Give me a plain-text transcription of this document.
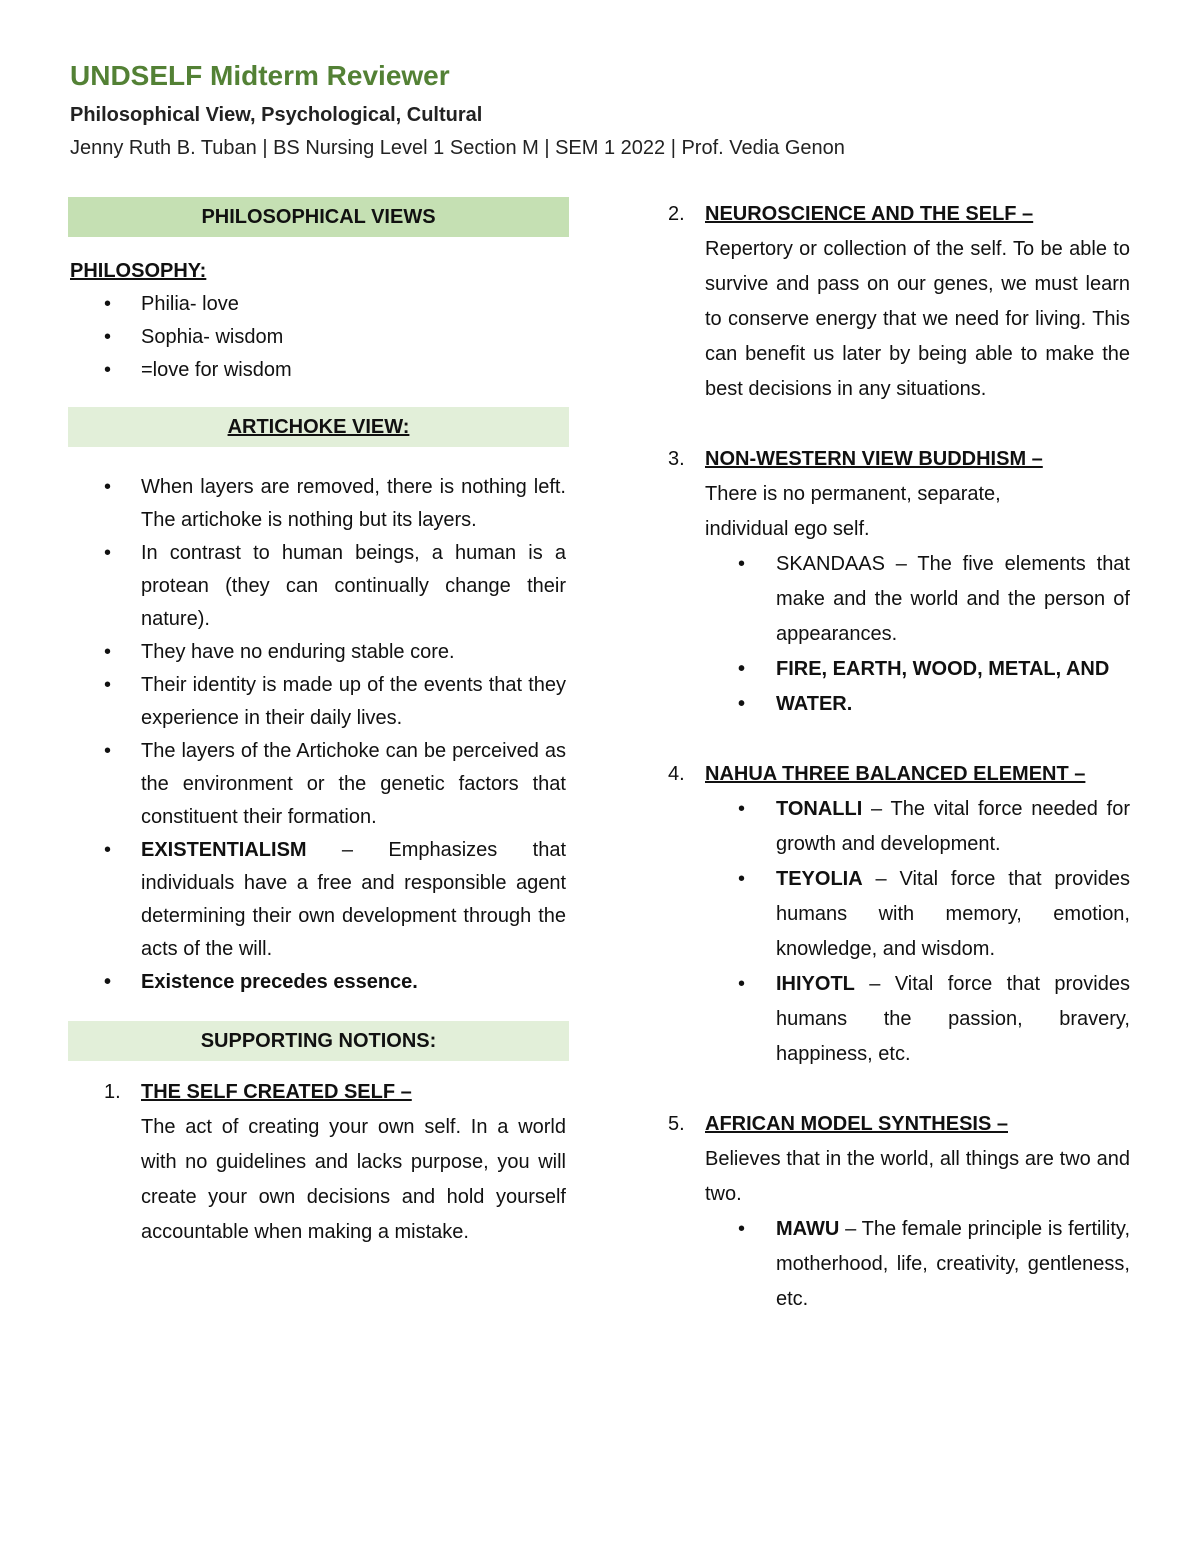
UNDSELF Midterm Reviewer
Philosophical View, Psychological, Cultural
Jenny Ruth B. Tuban | BS Nursing Level 1 Section M | SEM 1 2022 | Prof. Vedia Genon
PHILOSOPHICAL VIEWS

PHILOSOPHY:

• Philia- love
• Sophia- wisdom
• =love for wisdom
ARTICHOKE VIEW:
• When layers are removed, there is nothing left. The artichoke is nothing but its layers.
• In contrast to human beings, a human is a protean (they can continually change their nature).
• They have no enduring stable core.
• Their identity is made up of the events that they experience in their daily lives.
• The layers of the Artichoke can be perceived as the environment or the genetic factors that constituent their formation.
• EXISTENTIALISM – Emphasizes that individuals have a free and responsible agent determining their own development through the acts of the will.
• Existence precedes essence.
SUPPORTING NOTIONS:
1. THE SELF CREATED SELF –
The act of creating your own self. In a world with no guidelines and lacks purpose, you will create your own decisions and hold yourself accountable when making a mistake.
2. NEUROSCIENCE AND THE SELF –
Repertory or collection of the self. To be able to survive and pass on our genes, we must learn to conserve energy that we need for living. This can benefit us later by being able to make the best decisions in any situations.
3. NON-WESTERN VIEW BUDDHISM –
There is no permanent, separate, individual ego self.
• SKANDAAS – The five elements that make and the world and the person of appearances.
• FIRE, EARTH, WOOD, METAL, AND
• WATER.
4. NAHUA THREE BALANCED ELEMENT –
• TONALLI – The vital force needed for growth and development.
• TEYOLIA – Vital force that provides humans with memory, emotion, knowledge, and wisdom.
• IHIYOTL – Vital force that provides humans the passion, bravery, happiness, etc.
5. AFRICAN MODEL SYNTHESIS –
Believes that in the world, all things are two and two.
• MAWU – The female principle is fertility, motherhood, life, creativity, gentleness, etc.
